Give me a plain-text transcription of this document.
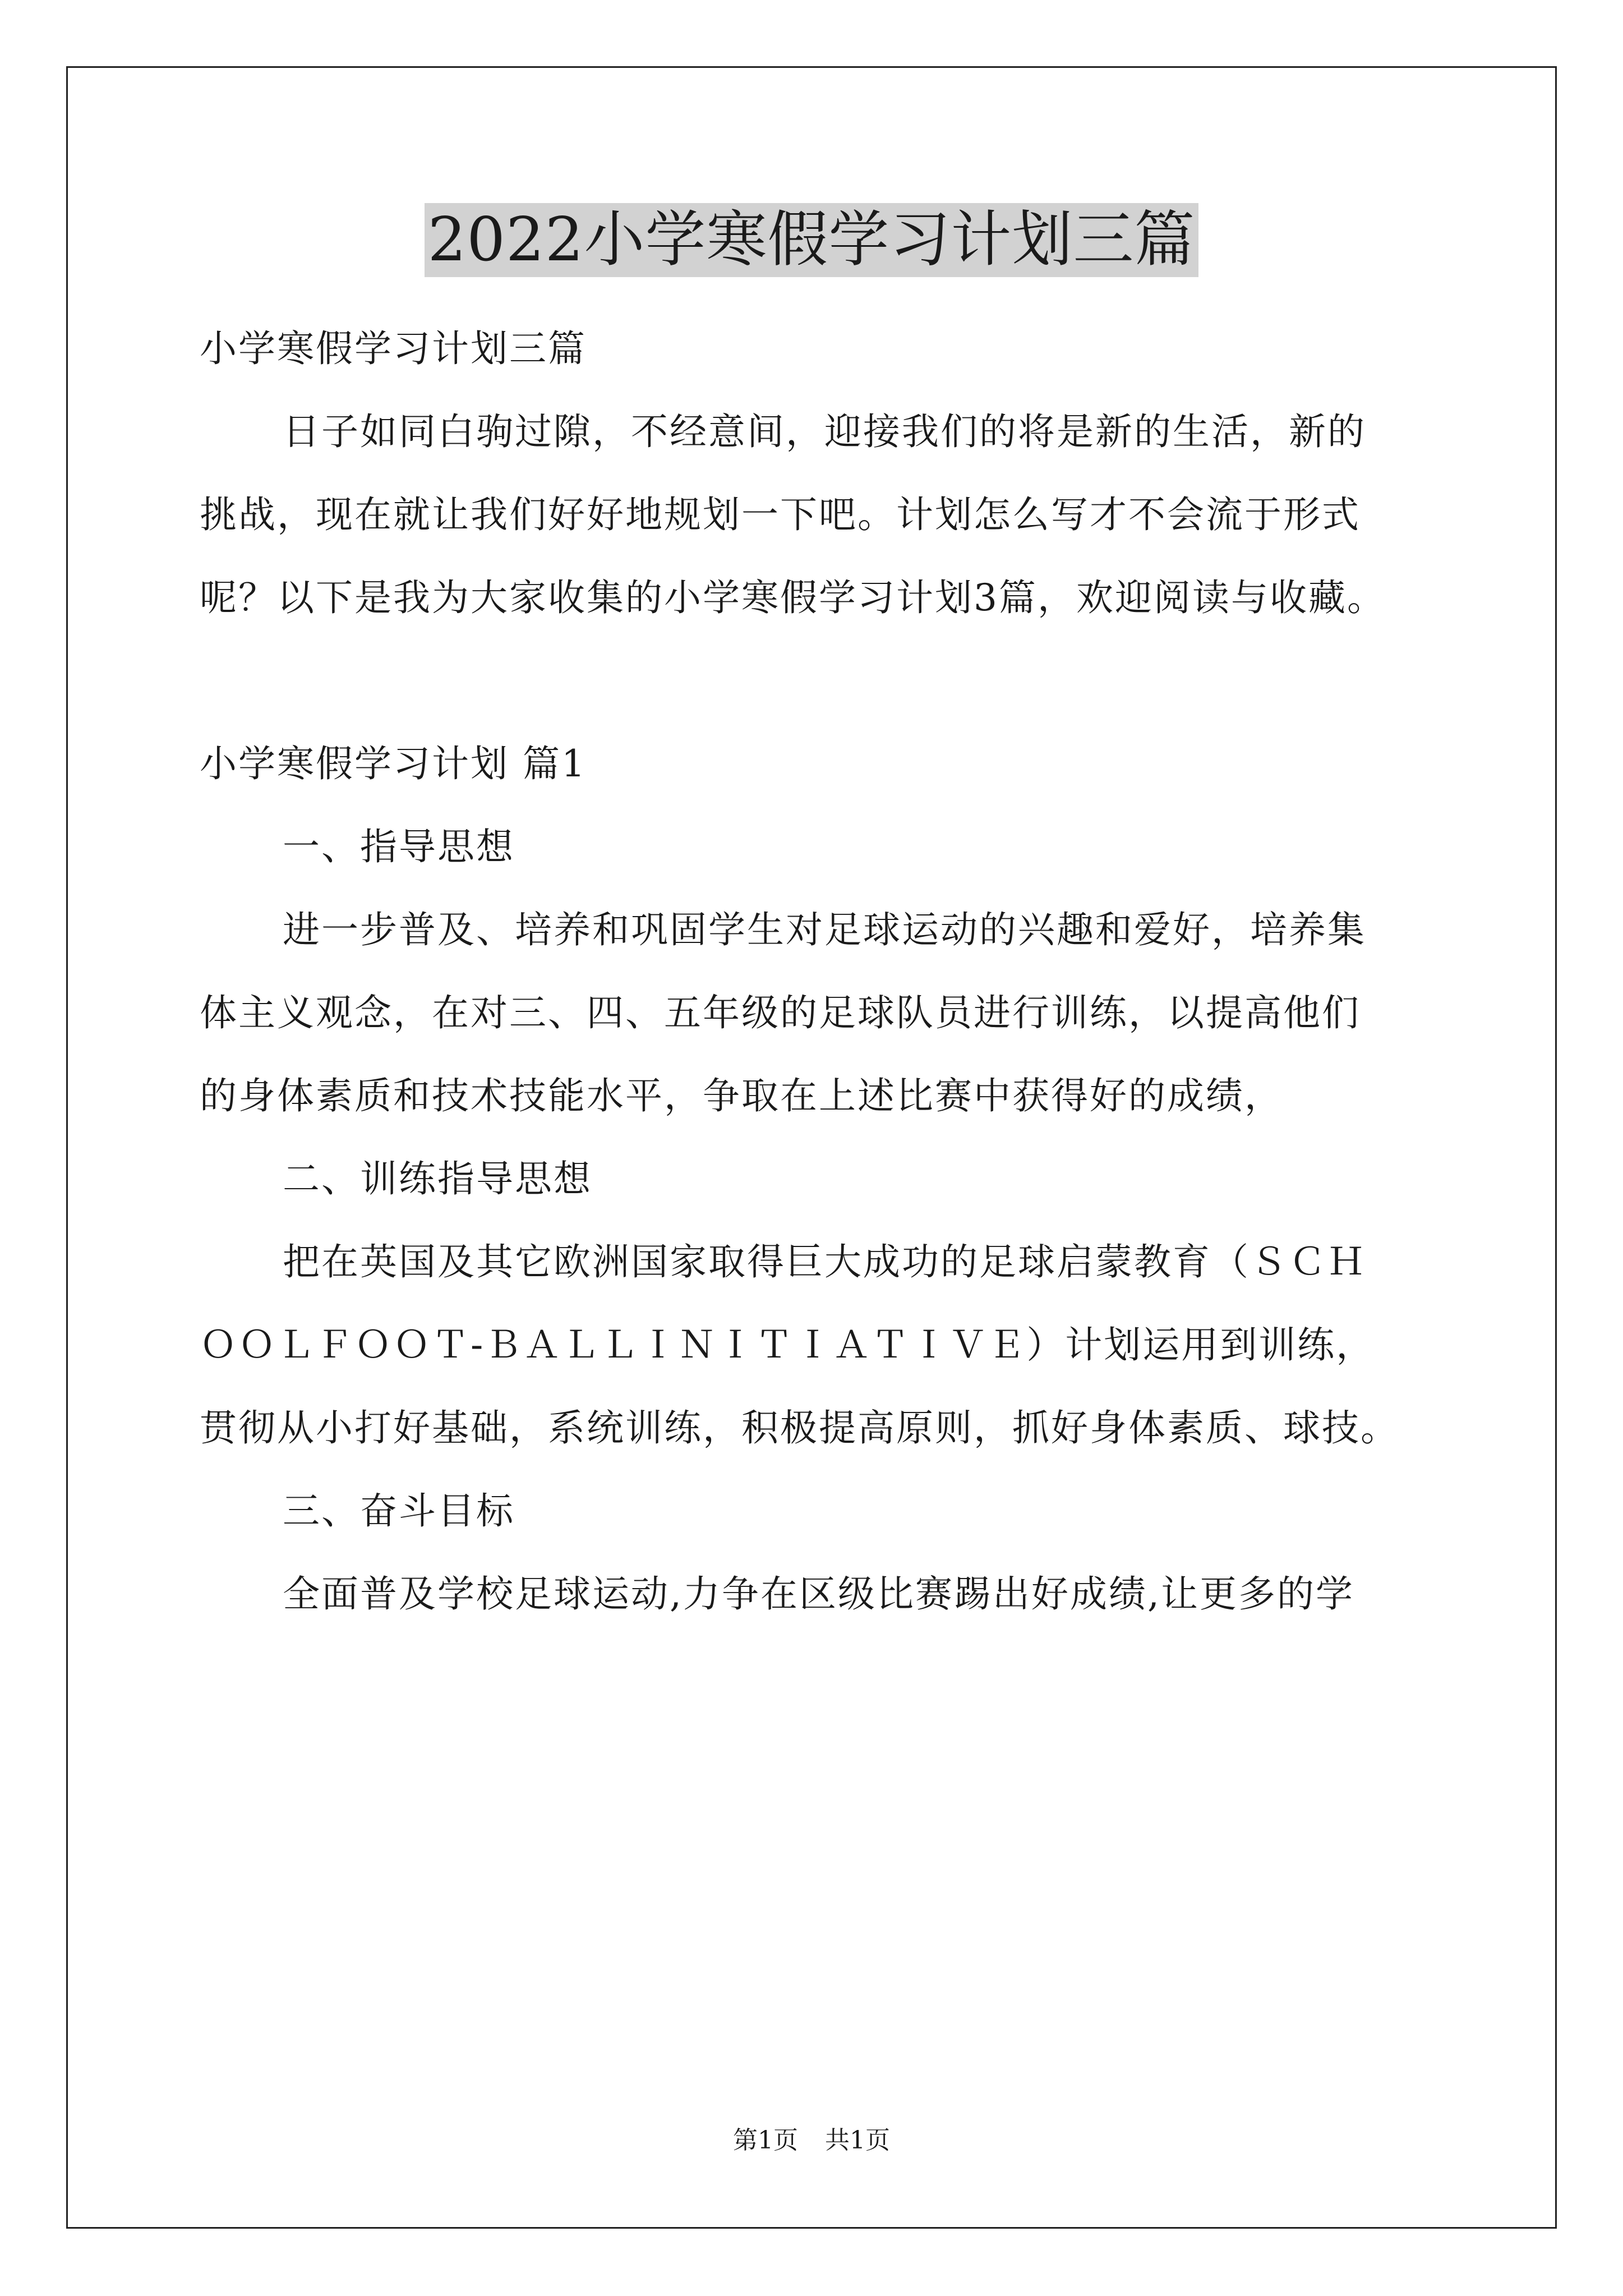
2022小学寒假学习计划三篇

小学寒假学习计划三篇

日子如同白驹过隙，不经意间，迎接我们的将是新的生活，新的

挑战，现在就让我们好好地规划一下吧。计划怎么写才不会流于形式

呢？以下是我为大家收集的小学寒假学习计划3篇，欢迎阅读与收藏。

小学寒假学习计划 篇1

一、指导思想

进一步普及、培养和巩固学生对足球运动的兴趣和爱好，培养集

体主义观念，在对三、四、五年级的足球队员进行训练，以提高他们

的身体素质和技术技能水平，争取在上述比赛中获得好的成绩，

二、训练指导思想

把在英国及其它欧洲国家取得巨大成功的足球启蒙教育（ＳＣＨ

ＯＯＬＦＯＯＴ-ＢＡＬＬＩＮＩＴＩＡＴＩＶＥ）计划运用到训练，

贯彻从小打好基础，系统训练，积极提高原则，抓好身体素质、球技。

三、奋斗目标

全面普及学校足球运动,力争在区级比赛踢出好成绩,让更多的学

第1页 共1页
